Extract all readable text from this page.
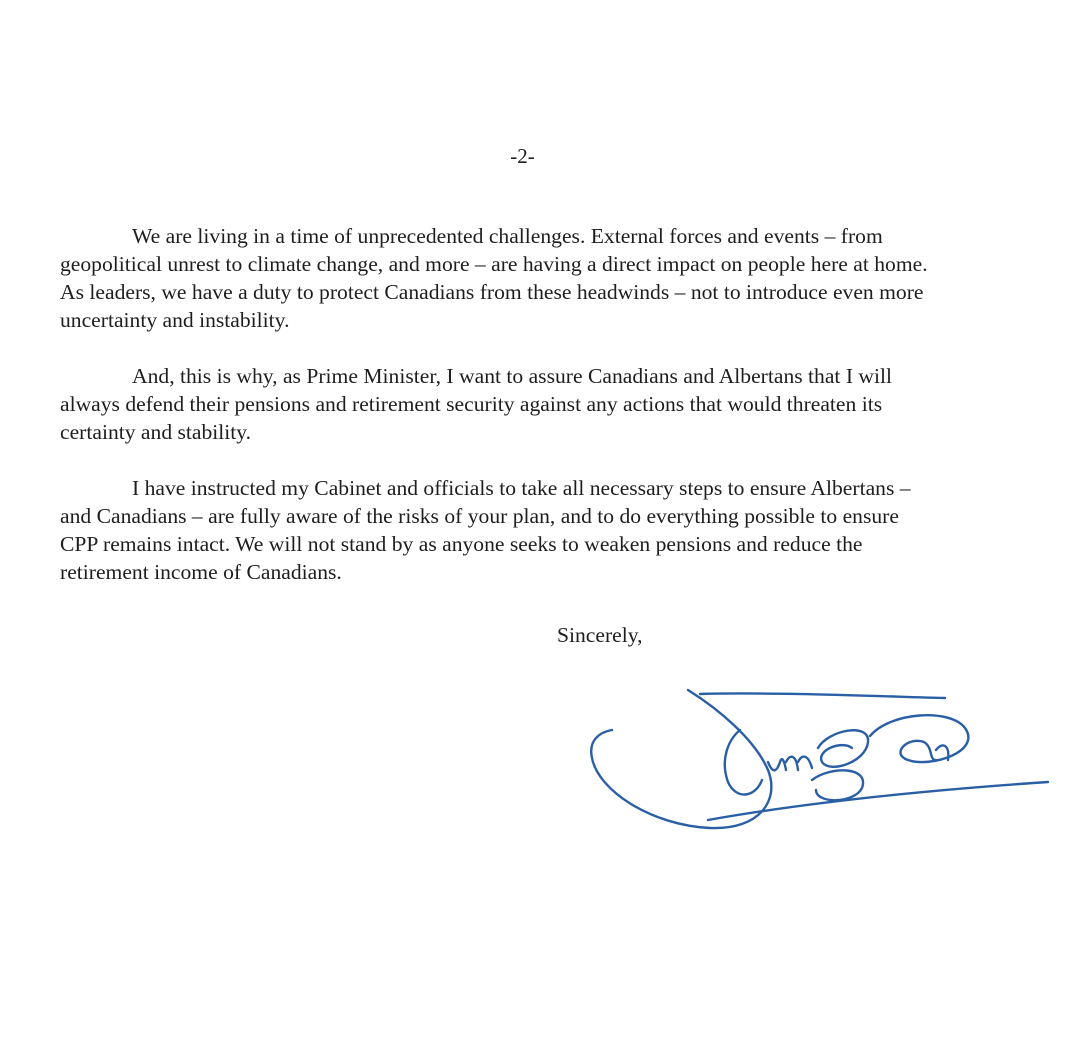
-2-

We are living in a time of unprecedented challenges. External forces and events – from
geopolitical unrest to climate change, and more – are having a direct impact on people here at home.
As leaders, we have a duty to protect Canadians from these headwinds – not to introduce even more
uncertainty and instability.

And, this is why, as Prime Minister, I want to assure Canadians and Albertans that I will
always defend their pensions and retirement security against any actions that would threaten its
certainty and stability.

I have instructed my Cabinet and officials to take all necessary steps to ensure Albertans –
and Canadians – are fully aware of the risks of your plan, and to do everything possible to ensure
CPP remains intact. We will not stand by as anyone seeks to weaken pensions and reduce the
retirement income of Canadians.

Sincerely,
